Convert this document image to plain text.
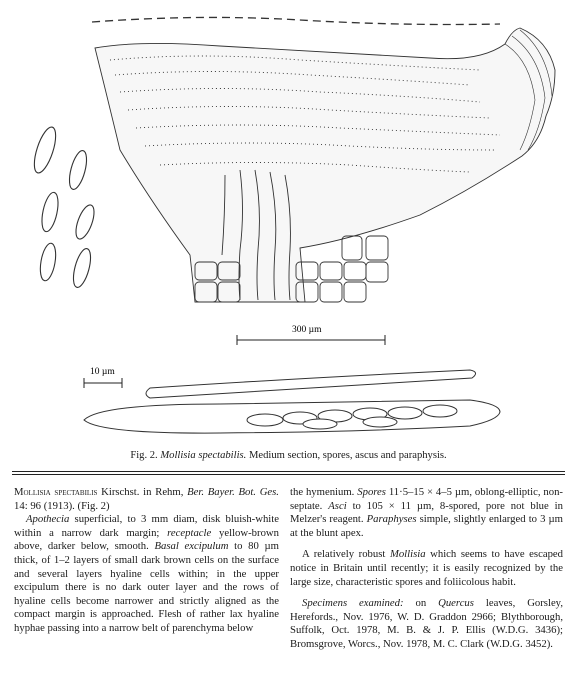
300 µm
10 µm
Fig. 2. Mollisia spectabilis. Medium section, spores, ascus and paraphysis.

Mollisia spectabilis Kirschst. in Rehm, Ber. Bayer. Bot. Ges. 14: 96 (1913). (Fig. 2)

Apothecia superficial, to 3 mm diam, disk bluish-white within a narrow dark margin; receptacle yellow-brown above, darker below, smooth. Basal excipulum to 80 µm thick, of 1–2 layers of small dark brown cells on the surface and several layers hyaline cells within; in the upper excipulum there is no dark outer layer and the rows of hyaline cells become narrower and strictly aligned as the compact margin is approached. Flesh of rather lax hyaline hyphae passing into a narrow belt of parenchyma below

the hymenium. Spores 11·5–15 × 4–5 µm, oblong-elliptic, non-septate. Asci to 105 × 11 µm, 8-spored, pore not blue in Melzer's reagent. Paraphyses simple, slightly enlarged to 3 µm at the blunt apex.

A relatively robust Mollisia which seems to have escaped notice in Britain until recently; it is easily recognized by the large size, characteristic spores and foliicolous habit.

Specimens examined: on Quercus leaves, Gorsley, Herefords., Nov. 1976, W. D. Graddon 2966; Blythborough, Suffolk, Oct. 1978, M. B. & J. P. Ellis (W.D.G. 3436); Bromsgrove, Worcs., Nov. 1978, M. C. Clark (W.D.G. 3452).
